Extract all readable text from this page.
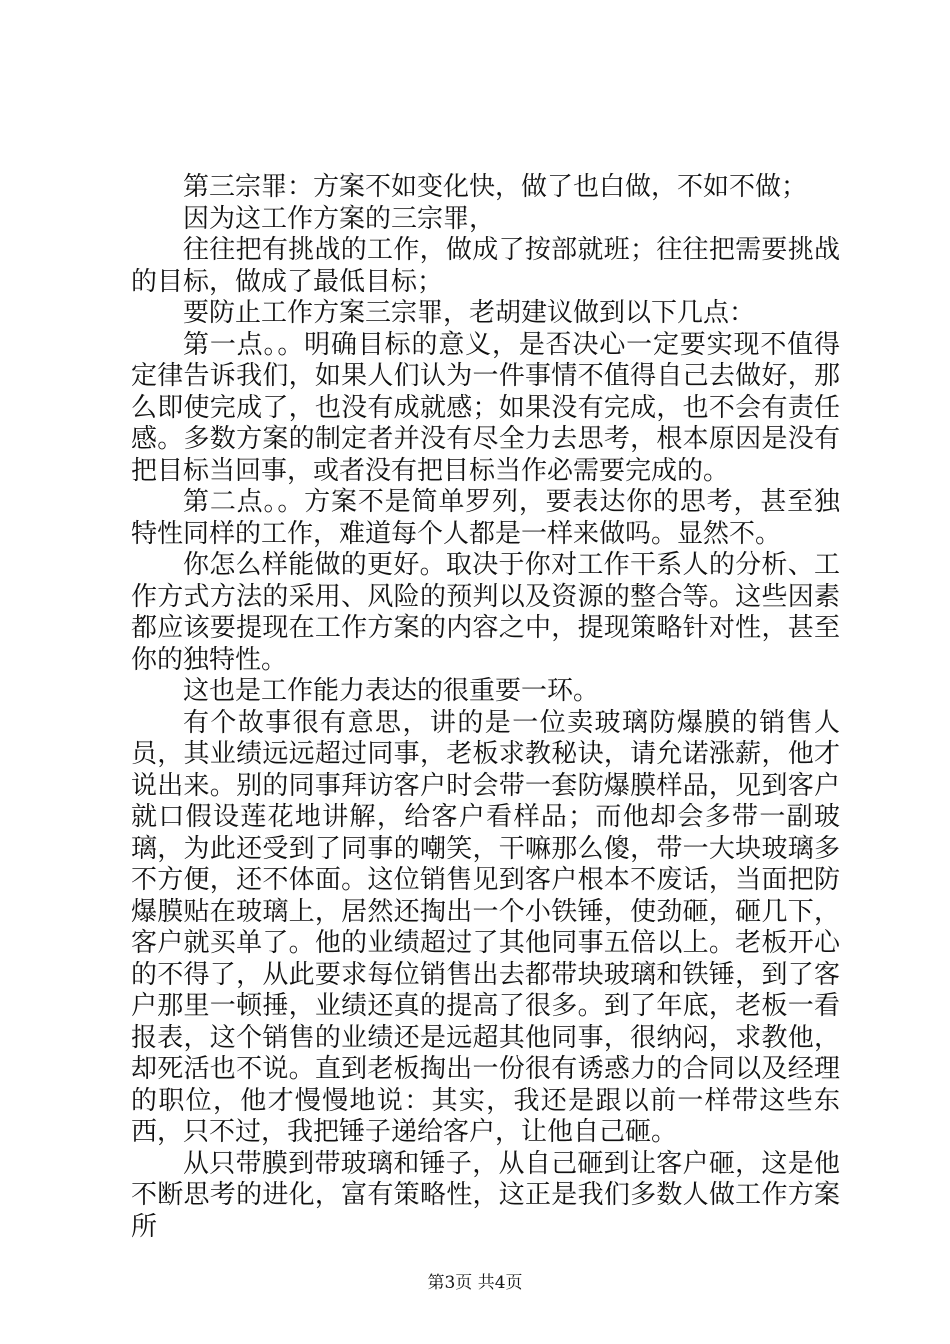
第三宗罪：方案不如变化快，做了也白做，不如不做；

因为这工作方案的三宗罪，

往往把有挑战的工作，做成了按部就班；往往把需要挑战的目标，做成了最低目标；

要防止工作方案三宗罪，老胡建议做到以下几点：

第一点。。明确目标的意义，是否决心一定要实现不值得定律告诉我们，如果人们认为一件事情不值得自己去做好，那么即使完成了，也没有成就感；如果没有完成，也不会有责任感。多数方案的制定者并没有尽全力去思考，根本原因是没有把目标当回事，或者没有把目标当作必需要完成的。

第二点。。方案不是简单罗列，要表达你的思考，甚至独特性同样的工作，难道每个人都是一样来做吗。显然不。

你怎么样能做的更好。取决于你对工作干系人的分析、工作方式方法的采用、风险的预判以及资源的整合等。这些因素都应该要提现在工作方案的内容之中，提现策略针对性，甚至你的独特性。

这也是工作能力表达的很重要一环。

有个故事很有意思，讲的是一位卖玻璃防爆膜的销售人员，其业绩远远超过同事，老板求教秘诀，请允诺涨薪，他才说出来。别的同事拜访客户时会带一套防爆膜样品，见到客户就口假设莲花地讲解，给客户看样品；而他却会多带一副玻璃，为此还受到了同事的嘲笑，干嘛那么傻，带一大块玻璃多不方便，还不体面。这位销售见到客户根本不废话，当面把防爆膜贴在玻璃上，居然还掏出一个小铁锤，使劲砸，砸几下，客户就买单了。他的业绩超过了其他同事五倍以上。老板开心的不得了，从此要求每位销售出去都带块玻璃和铁锤，到了客户那里一顿捶，业绩还真的提高了很多。到了年底，老板一看报表，这个销售的业绩还是远超其他同事，很纳闷，求教他，却死活也不说。直到老板掏出一份很有诱惑力的合同以及经理的职位，他才慢慢地说：其实，我还是跟以前一样带这些东西，只不过，我把锤子递给客户，让他自己砸。

从只带膜到带玻璃和锤子，从自己砸到让客户砸，这是他不断思考的进化，富有策略性，这正是我们多数人做工作方案所

第3页 共4页
